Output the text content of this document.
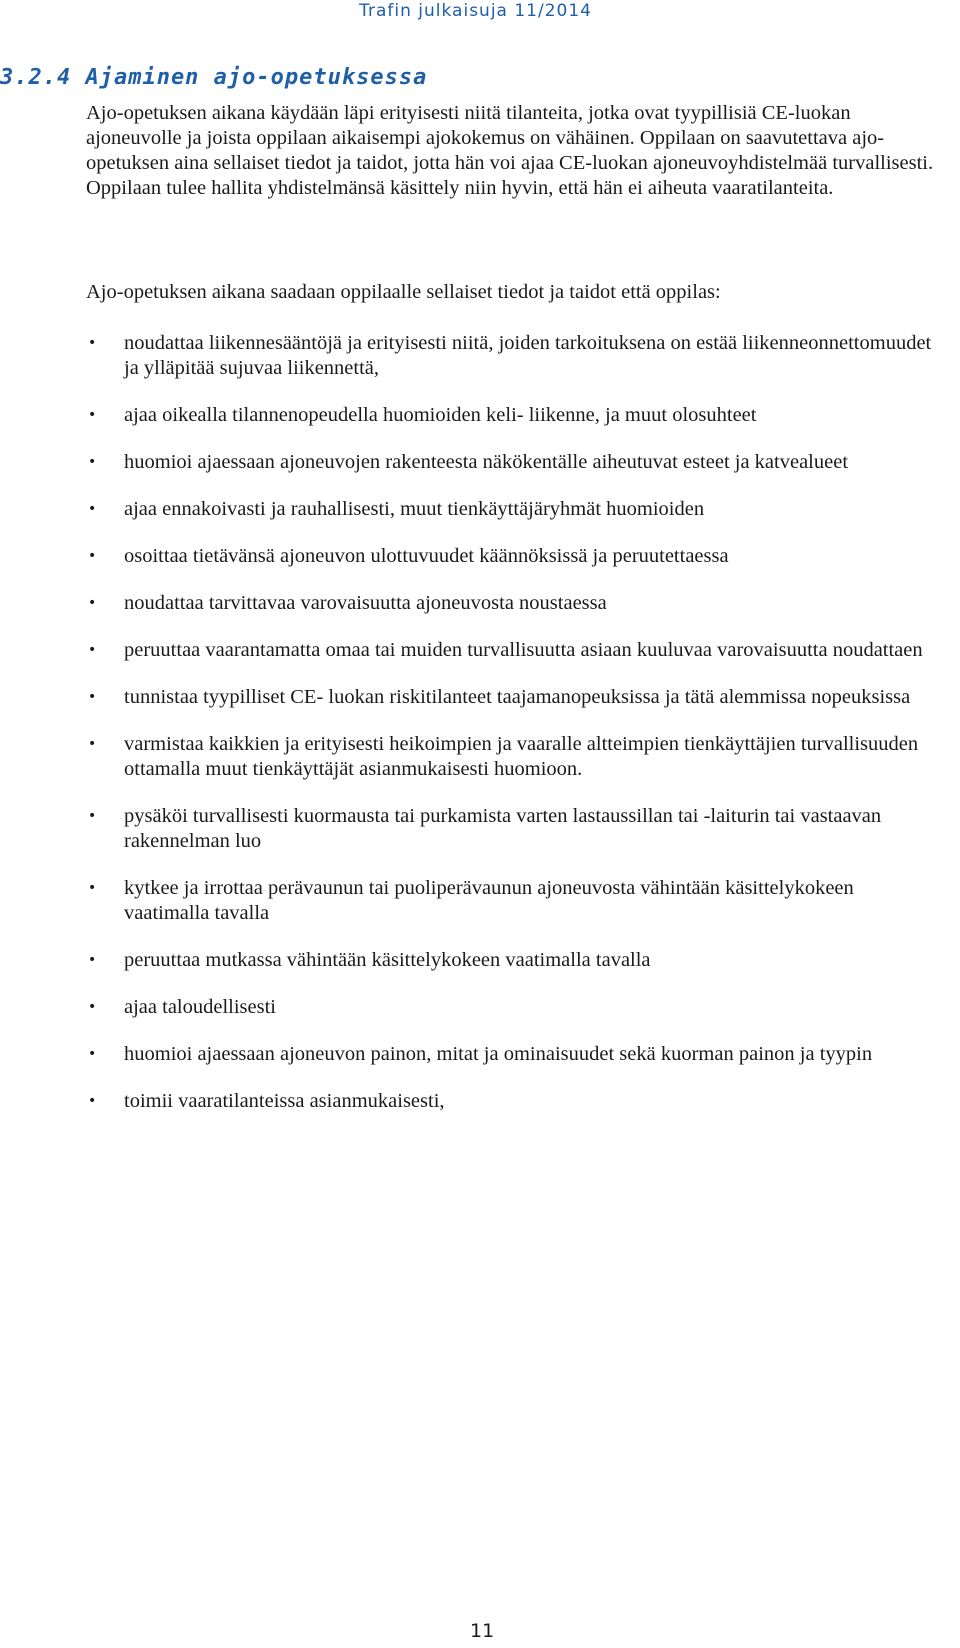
Trafin julkaisuja 11/2014
3.2.4 Ajaminen ajo-opetuksessa

Ajo-opetuksen aikana käydään läpi erityisesti niitä tilanteita, jotka ovat tyypillisiä CE-luokan ajoneuvolle ja joista oppilaan aikaisempi ajokokemus on vähäinen. Oppilaan on saavutettava ajo-opetuksen aina sellaiset tiedot ja taidot, jotta hän voi ajaa CE-luokan ajoneuvoyhdistelmää turvallisesti. Oppilaan tulee hallita yhdistelmänsä käsittely niin hyvin, että hän ei aiheuta vaaratilanteita.

Ajo-opetuksen aikana saadaan oppilaalle sellaiset tiedot ja taidot että oppilas:

• noudattaa liikennesääntöjä ja erityisesti niitä, joiden tarkoituksena on estää liikenneonnettomuudet ja ylläpitää sujuvaa liikennettä,
• ajaa oikealla tilannenopeudella huomioiden keli- liikenne, ja muut olosuhteet
• huomioi ajaessaan ajoneuvojen rakenteesta näkökentälle aiheutuvat esteet ja katvealueet
• ajaa ennakoivasti ja rauhallisesti, muut tienkäyttäjäryhmät huomioiden
• osoittaa tietävänsä ajoneuvon ulottuvuudet käännöksissä ja peruutettaessa
• noudattaa tarvittavaa varovaisuutta ajoneuvosta noustaessa
• peruuttaa vaarantamatta omaa tai muiden turvallisuutta asiaan kuuluvaa varovaisuutta noudattaen
• tunnistaa tyypilliset CE- luokan riskitilanteet taajamanopeuksissa ja tätä alemmissa nopeuksissa
• varmistaa kaikkien ja erityisesti heikoimpien ja vaaralle altteimpien tienkäyttäjien turvallisuuden ottamalla muut tienkäyttäjät asianmukaisesti huomioon.
• pysäköi turvallisesti kuormausta tai purkamista varten lastaussillan tai -laiturin tai vastaavan rakennelman luo
• kytkee ja irrottaa perävaunun tai puoliperävaunun ajoneuvosta vähintään käsittelykokeen vaatimalla tavalla
• peruuttaa mutkassa vähintään käsittelykokeen vaatimalla tavalla
• ajaa taloudellisesti
• huomioi ajaessaan ajoneuvon painon, mitat ja ominaisuudet sekä kuorman painon ja tyypin
• toimii vaaratilanteissa asianmukaisesti,
11
